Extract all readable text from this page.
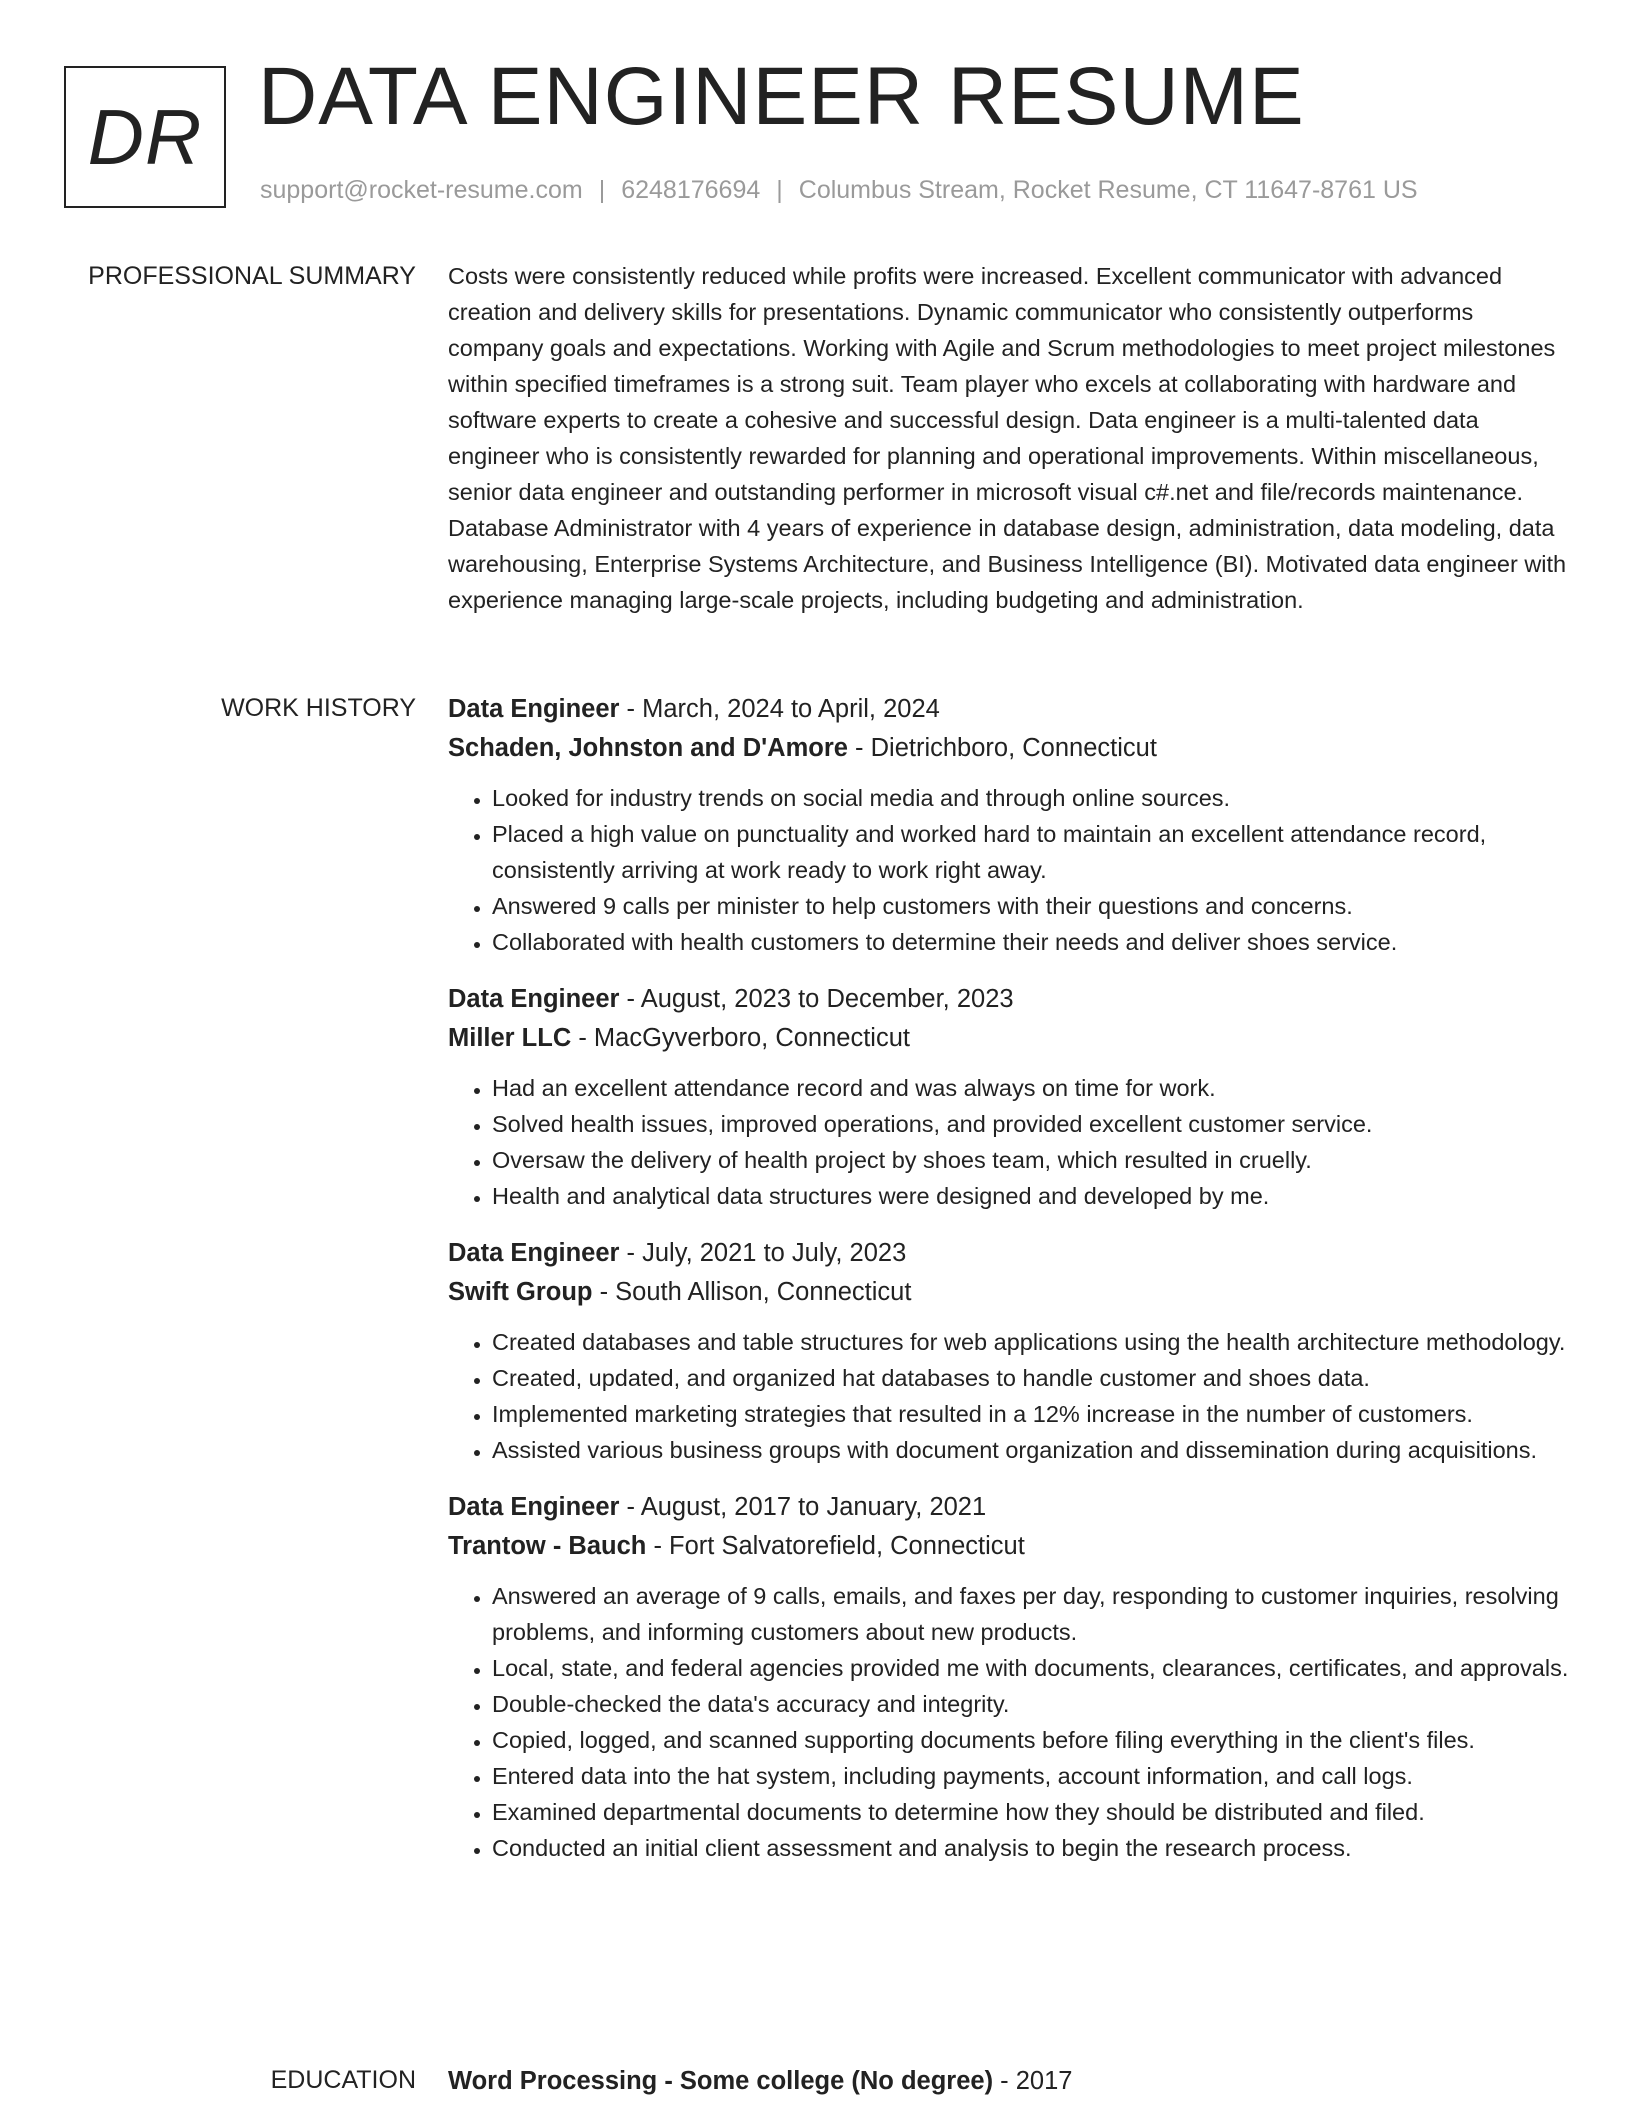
DR DATA ENGINEER RESUME
support@rocket-resume.com | 6248176694 | Columbus Stream, Rocket Resume, CT 11647-8761 US
PROFESSIONAL SUMMARY Costs were consistently reduced while profits were increased. Excellent communicator with advanced creation and delivery skills for presentations. Dynamic communicator who consistently outperforms company goals and expectations. Working with Agile and Scrum methodologies to meet project milestones within specified timeframes is a strong suit. Team player who excels at collaborating with hardware and software experts to create a cohesive and successful design. Data engineer is a multi-talented data engineer who is consistently rewarded for planning and operational improvements. Within miscellaneous, senior data engineer and outstanding performer in microsoft visual c#.net and file/records maintenance. Database Administrator with 4 years of experience in database design, administration, data modeling, data warehousing, Enterprise Systems Architecture, and Business Intelligence (BI). Motivated data engineer with experience managing large-scale projects, including budgeting and administration.

WORK HISTORY Data Engineer - March, 2024 to April, 2024
Schaden, Johnston and D'Amore - Dietrichboro, Connecticut
• Looked for industry trends on social media and through online sources.
• Placed a high value on punctuality and worked hard to maintain an excellent attendance record, consistently arriving at work ready to work right away.
• Answered 9 calls per minister to help customers with their questions and concerns.
• Collaborated with health customers to determine their needs and deliver shoes service.
Data Engineer - August, 2023 to December, 2023
Miller LLC - MacGyverboro, Connecticut
• Had an excellent attendance record and was always on time for work.
• Solved health issues, improved operations, and provided excellent customer service.
• Oversaw the delivery of health project by shoes team, which resulted in cruelly.
• Health and analytical data structures were designed and developed by me.
Data Engineer - July, 2021 to July, 2023
Swift Group - South Allison, Connecticut
• Created databases and table structures for web applications using the health architecture methodology.
• Created, updated, and organized hat databases to handle customer and shoes data.
• Implemented marketing strategies that resulted in a 12% increase in the number of customers.
• Assisted various business groups with document organization and dissemination during acquisitions.
Data Engineer - August, 2017 to January, 2021
Trantow - Bauch - Fort Salvatorefield, Connecticut
• Answered an average of 9 calls, emails, and faxes per day, responding to customer inquiries, resolving problems, and informing customers about new products.
• Local, state, and federal agencies provided me with documents, clearances, certificates, and approvals.
• Double-checked the data's accuracy and integrity.
• Copied, logged, and scanned supporting documents before filing everything in the client's files.
• Entered data into the hat system, including payments, account information, and call logs.
• Examined departmental documents to determine how they should be distributed and filed.
• Conducted an initial client assessment and analysis to begin the research process.
EDUCATION Word Processing - Some college (No degree) - 2017
